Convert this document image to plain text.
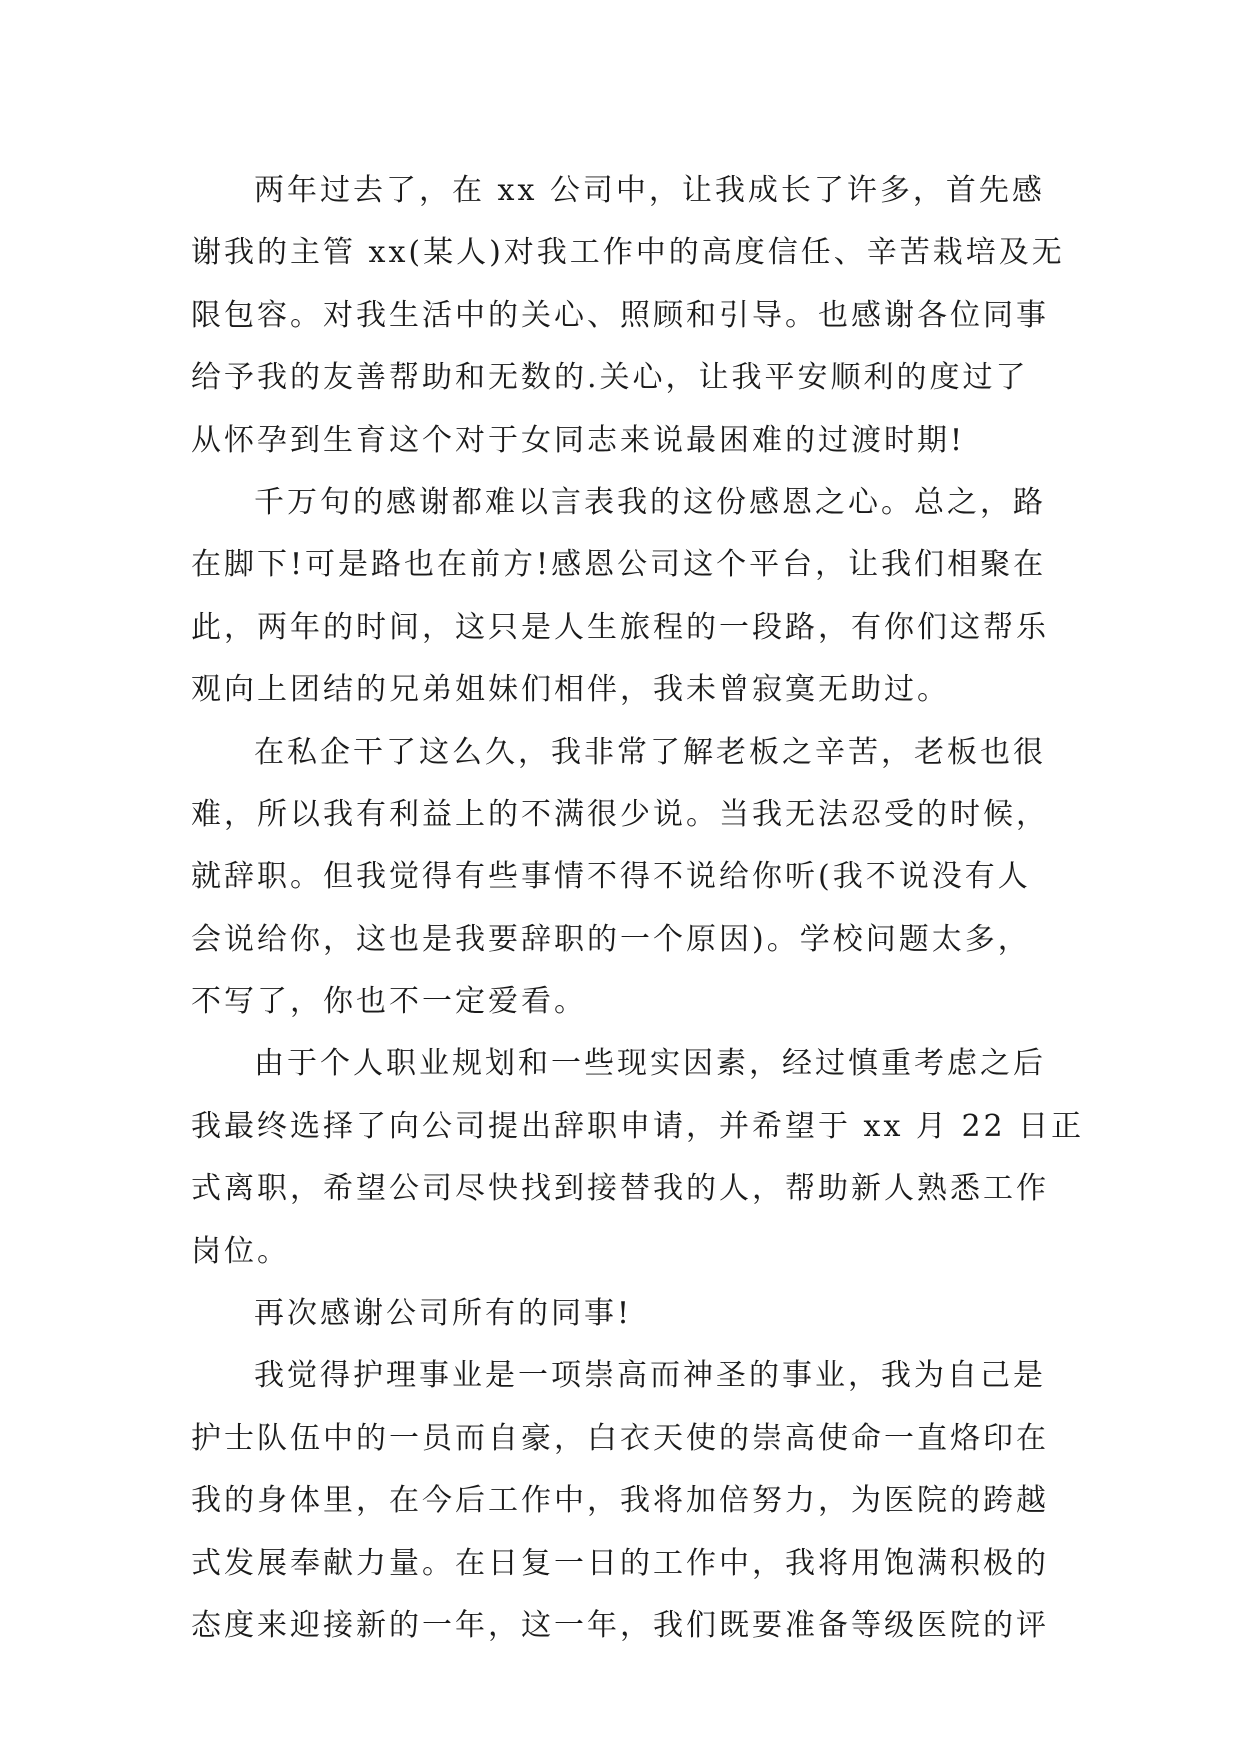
两年过去了，在 xx 公司中，让我成长了许多，首先感
谢我的主管 xx(某人)对我工作中的高度信任、辛苦栽培及无
限包容。对我生活中的关心、照顾和引导。也感谢各位同事
给予我的友善帮助和无数的.关心，让我平安顺利的度过了
从怀孕到生育这个对于女同志来说最困难的过渡时期!
千万句的感谢都难以言表我的这份感恩之心。总之，路
在脚下!可是路也在前方!感恩公司这个平台，让我们相聚在
此，两年的时间，这只是人生旅程的一段路，有你们这帮乐
观向上团结的兄弟姐妹们相伴，我未曾寂寞无助过。
在私企干了这么久，我非常了解老板之辛苦，老板也很
难，所以我有利益上的不满很少说。当我无法忍受的时候，
就辞职。但我觉得有些事情不得不说给你听(我不说没有人
会说给你，这也是我要辞职的一个原因)。学校问题太多，
不写了，你也不一定爱看。
由于个人职业规划和一些现实因素，经过慎重考虑之后
我最终选择了向公司提出辞职申请，并希望于 xx 月 22 日正
式离职，希望公司尽快找到接替我的人，帮助新人熟悉工作
岗位。
再次感谢公司所有的同事!
我觉得护理事业是一项崇高而神圣的事业，我为自己是
护士队伍中的一员而自豪，白衣天使的崇高使命一直烙印在
我的身体里，在今后工作中，我将加倍努力，为医院的跨越
式发展奉献力量。在日复一日的工作中，我将用饱满积极的
态度来迎接新的一年，这一年，我们既要准备等级医院的评
